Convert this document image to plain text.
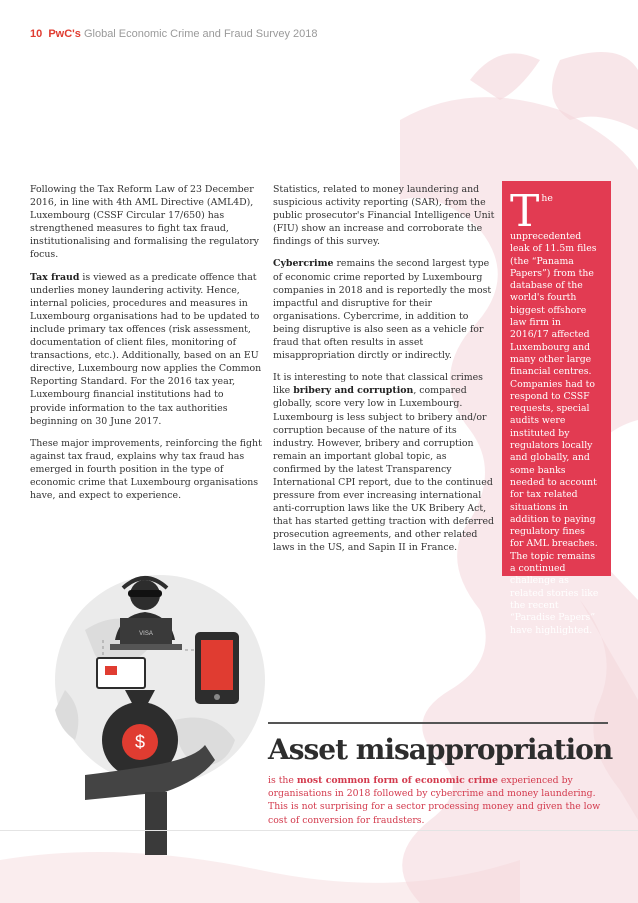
10 PwC's Global Economic Crime and Fraud Survey 2018

Following the Tax Reform Law of 23 December 2016, in line with 4th AML Directive (AML4D), Luxembourg (CSSF Circular 17/650) has strengthened measures to fight tax fraud, institutionalising and formalising the regulatory focus.

Tax fraud is viewed as a predicate offence that underlies money laundering activity. Hence, internal policies, procedures and measures in Luxembourg organisations had to be updated to include primary tax offences (risk assessment, documentation of client files, monitoring of transactions, etc.). Additionally, based on an EU directive, Luxembourg now applies the Common Reporting Standard. For the 2016 tax year, Luxembourg financial institutions had to provide information to the tax authorities beginning on 30 June 2017.

These major improvements, reinforcing the fight against tax fraud, explains why tax fraud has emerged in fourth position in the type of economic crime that Luxembourg organisations have, and expect to experience.

Statistics, related to money laundering and suspicious activity reporting (SAR), from the public prosecutor's Financial Intelligence Unit (FIU) show an increase and corroborate the findings of this survey.

Cybercrime remains the second largest type of economic crime reported by Luxembourg companies in 2018 and is reportedly the most impactful and disruptive for their organisations. Cybercrime, in addition to being disruptive is also seen as a vehicle for fraud that often results in asset misappropriation dirctly or indirectly.

It is interesting to note that classical crimes like bribery and corruption, compared globally, score very low in Luxembourg. Luxembourg is less subject to bribery and/or corruption because of the nature of its industry. However, bribery and corruption remain an important global topic, as confirmed by the latest Transparency International CPI report, due to the continued pressure from ever increasing international anti-corruption laws like the UK Bribery Act, that has started getting traction with deferred prosecution agreements, and other related laws in the US, and Sapin II in France.

The unprecedented leak of 11.5m files (the “Panama Papers”) from the database of the world's fourth biggest offshore law firm in 2016/17 affected Luxembourg and many other large financial centres. Companies had to respond to CSSF requests, special audits were instituted by regulators locally and globally, and some banks needed to account for tax related situations in addition to paying regulatory fines for AML breaches. The topic remains a continued challenge as related stories like the recent “Paradise Papers” have highlighted.
VISA
$	Asset misappropriation
is the most common form of economic crime experienced by organisations in 2018 followed by cybercrime and money laundering. This is not surprising for a sector processing money and given the low cost of conversion for fraudsters.
